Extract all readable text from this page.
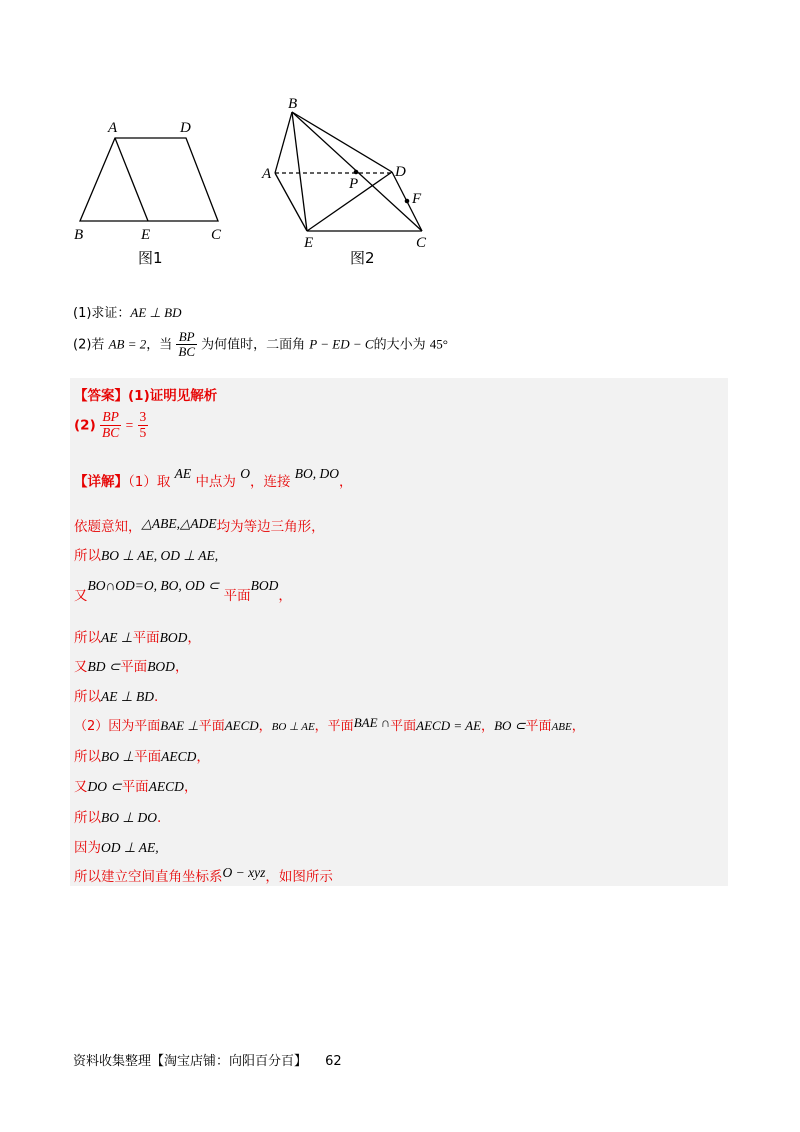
A	D
B	E	C
图1
B
A	D
P
F
E	C
图2
(1)求证：AE ⊥ BD
(2)若 AB = 2，当 $\frac{BP}{BC}$ 为何值时，二面角 P − ED − C的大小为 45°
【答案】(1)证明见解析
$(2) \frac{BP}{BC} = \frac{3}{5}$
【详解】（1）取 AE 中点为 O，连接 BO, DO，
依题意知，△ABE,△ADE均为等边三角形，
所以BO ⊥ AE, OD ⊥ AE,
又BO∩OD=O, BO, OD ⊂ 平面BOD，
所以AE ⊥平面BOD，
又BD ⊂平面BOD，
所以AE ⊥ BD.
（2）因为平面BAE ⊥平面AECD，BO ⊥ AE，平面BAE ∩平面AECD = AE，BO ⊂平面ABE，
所以BO ⊥平面AECD，
又DO ⊂平面AECD，
所以BO ⊥ DO.
因为OD ⊥ AE,
所以建立空间直角坐标系O − xyz，如图所示
资料收集整理【淘宝店铺：向阳百分百】 62
